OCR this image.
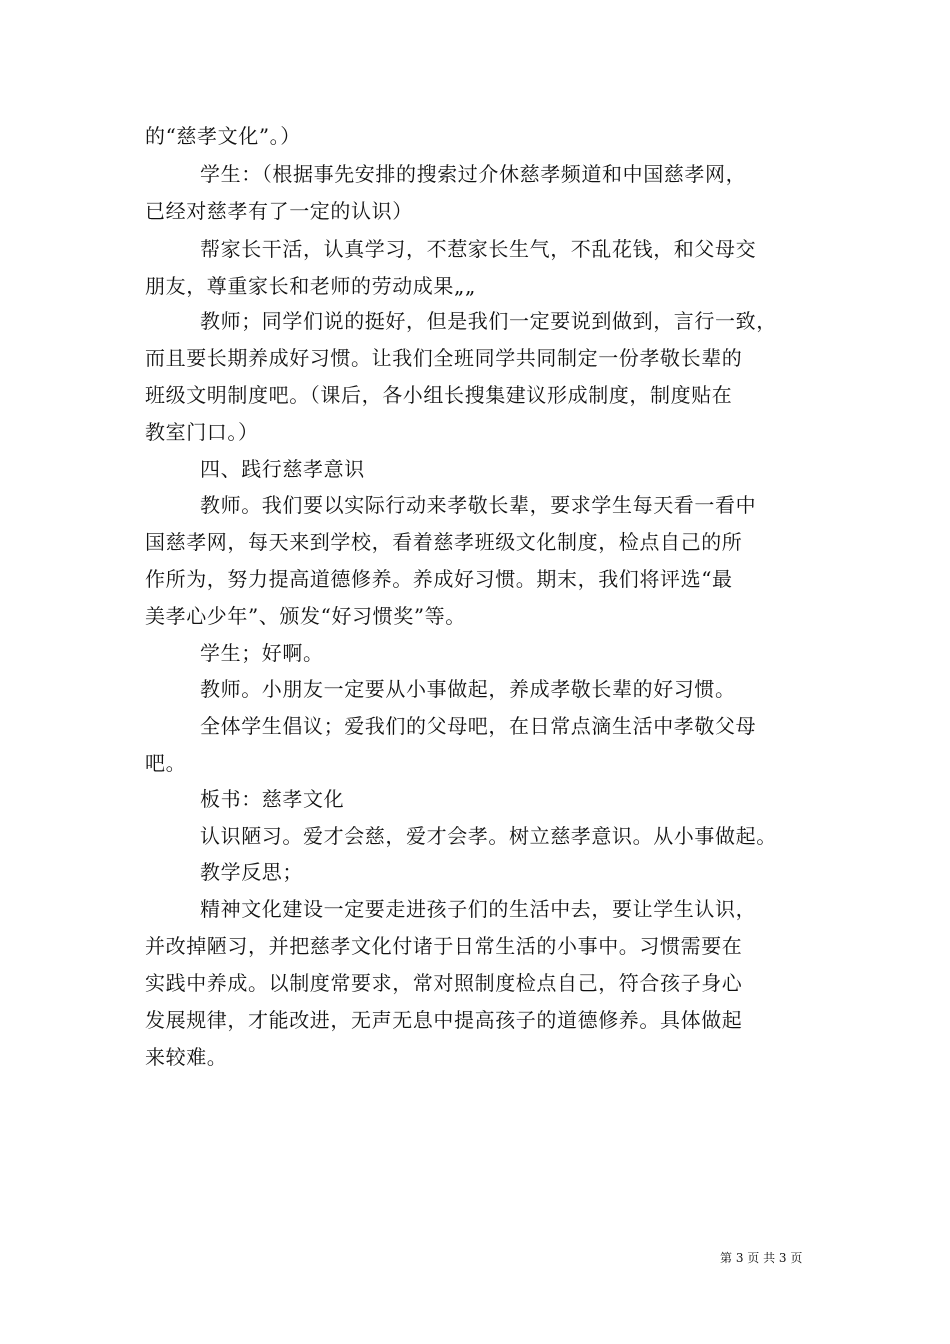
的“慈孝文化”。）
学生：（根据事先安排的搜索过介休慈孝频道和中国慈孝网，
已经对慈孝有了一定的认识）
帮家长干活，认真学习，不惹家长生气，不乱花钱，和父母交
朋友，尊重家长和老师的劳动成果„„
教师；同学们说的挺好，但是我们一定要说到做到，言行一致，
而且要长期养成好习惯。让我们全班同学共同制定一份孝敬长辈的
班级文明制度吧。（课后，各小组长搜集建议形成制度，制度贴在
教室门口。）
四、践行慈孝意识
教师。我们要以实际行动来孝敬长辈，要求学生每天看一看中
国慈孝网，每天来到学校，看着慈孝班级文化制度，检点自己的所
作所为，努力提高道德修养。养成好习惯。期末，我们将评选“最
美孝心少年”、颁发“好习惯奖”等。
学生；好啊。
教师。小朋友一定要从小事做起，养成孝敬长辈的好习惯。
全体学生倡议；爱我们的父母吧，在日常点滴生活中孝敬父母
吧。
板书：慈孝文化
认识陋习。爱才会慈，爱才会孝。树立慈孝意识。从小事做起。
教学反思；
精神文化建设一定要走进孩子们的生活中去，要让学生认识，
并改掉陋习，并把慈孝文化付诸于日常生活的小事中。习惯需要在
实践中养成。以制度常要求，常对照制度检点自己，符合孩子身心
发展规律，才能改进，无声无息中提高孩子的道德修养。具体做起
来较难。
第 3 页 共 3 页
